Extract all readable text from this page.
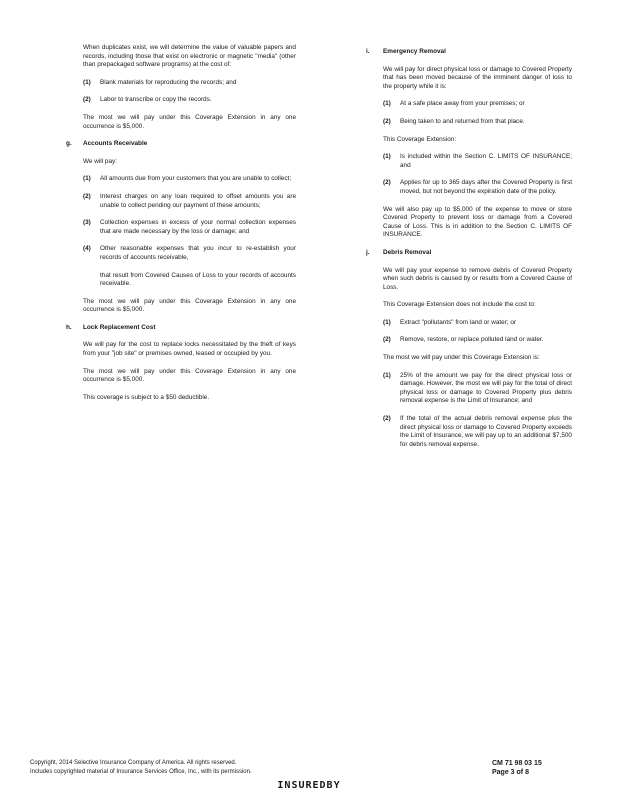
When duplicates exist, we will determine the value of valuable papers and records, including those that exist on electronic or magnetic "media" (other than prepackaged software programs) at the cost of:
(1)	Blank materials for reproducing the records; and
(2)	Labor to transcribe or copy the records.
The most we will pay under this Coverage Extension in any one occurrence is $5,000.
g.	Accounts Receivable
We will pay:
(1)	All amounts due from your customers that you are unable to collect;
(2)	Interest charges on any loan required to offset amounts you are unable to collect pending our payment of these amounts;
(3)	Collection expenses in excess of your normal collection expenses that are made necessary by the loss or damage; and
(4)	Other reasonable expenses that you incur to re-establish your records of accounts receivable,
that result from Covered Causes of Loss to your records of accounts receivable.
The most we will pay under this Coverage Extension in any one occurrence is $5,000.
h.	Lock Replacement Cost
We will pay for the cost to replace locks necessitated by the theft of keys from your "job site" or premises owned, leased or occupied by you.
The most we will pay under this Coverage Extension in any one occurrence is $5,000.
This coverage is subject to a $50 deductible.
i.	Emergency Removal
We will pay for direct physical loss or damage to Covered Property that has been moved because of the imminent danger of loss to the property while it is:
(1)	At a safe place away from your premises; or
(2)	Being taken to and returned from that place.
This Coverage Extension:
(1)	Is included within the Section C. LIMITS OF INSURANCE; and
(2)	Applies for up to 365 days after the Covered Property is first moved, but not beyond the expiration date of the policy.
We will also pay up to $5,000 of the expense to move or store Covered Property to prevent loss or damage from a Covered Cause of Loss. This is in addition to the Section C. LIMITS OF INSURANCE.
j.	Debris Removal
We will pay your expense to remove debris of Covered Property when such debris is caused by or results from a Covered Cause of Loss.
This Coverage Extension does not include the cost to:
(1)	Extract "pollutants" from land or water; or
(2)	Remove, restore, or replace polluted land or water.
The most we will pay under this Coverage Extension is:
(1)	25% of the amount we pay for the direct physical loss or damage. However, the most we will pay for the total of direct physical loss or damage to Covered Property plus debris removal expense is the Limit of Insurance; and
(2)	If the total of the actual debris removal expense plus the direct physical loss or damage to Covered Property exceeds the Limit of Insurance, we will pay up to an additional $7,500 for debris removal expense.
Copyright, 2014 Selective Insurance Company of America. All rights reserved.
Includes copyrighted material of Insurance Services Office, Inc., with its permission.
CM 71 98 03 15
Page 3 of 8
INSUREDBY
